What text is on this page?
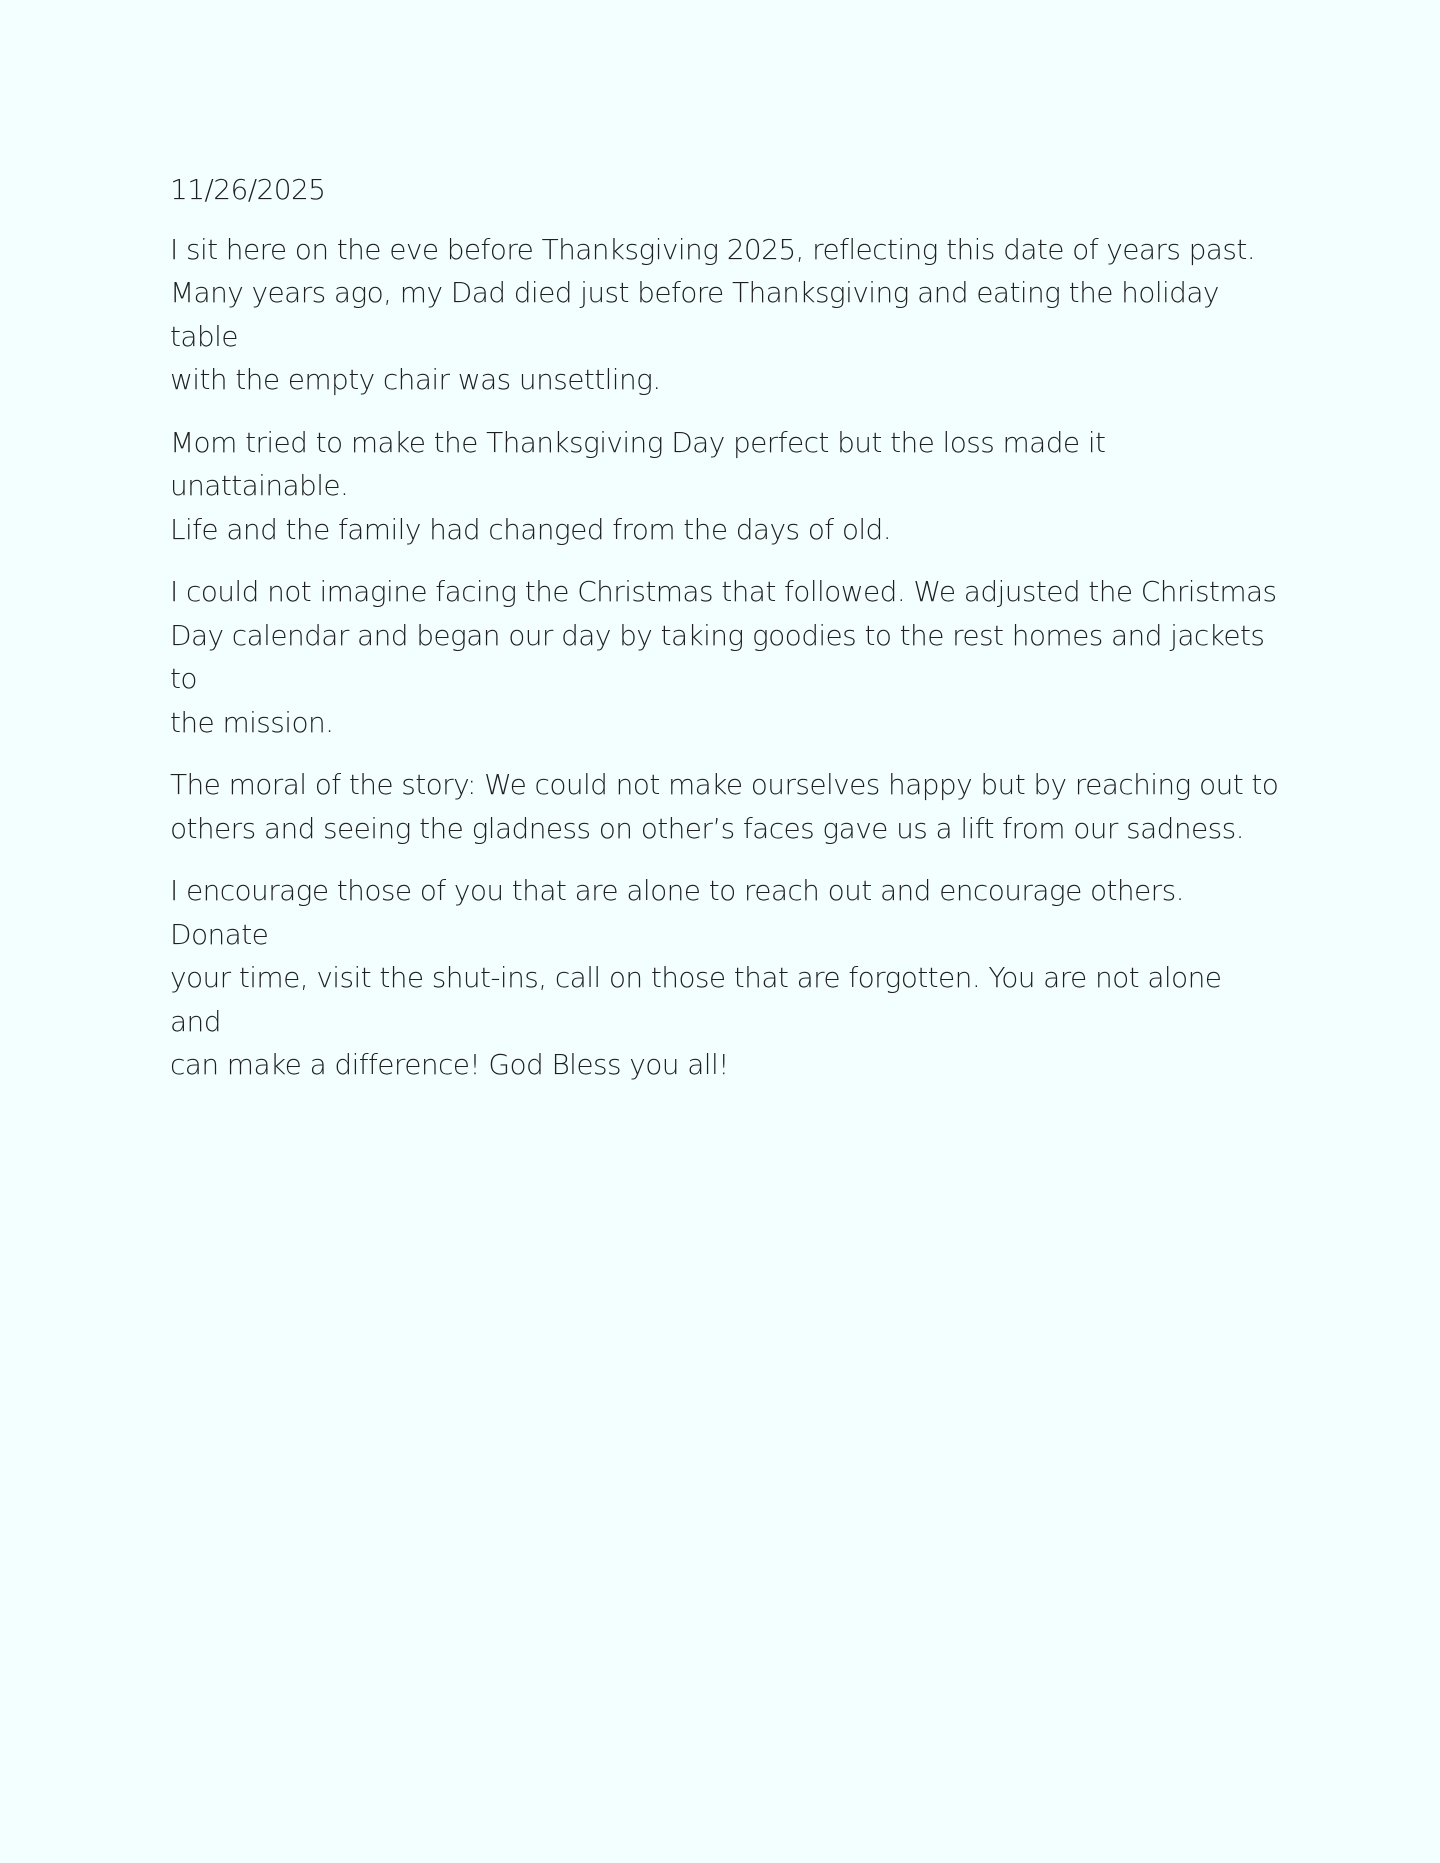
11/26/2025

I sit here on the eve before Thanksgiving 2025, reflecting this date of years past.
Many years ago, my Dad died just before Thanksgiving and eating the holiday table
with the empty chair was unsettling.

Mom tried to make the Thanksgiving Day perfect but the loss made it unattainable.
Life and the family had changed from the days of old.

I could not imagine facing the Christmas that followed. We adjusted the Christmas
Day calendar and began our day by taking goodies to the rest homes and jackets to
the mission.

The moral of the story: We could not make ourselves happy but by reaching out to
others and seeing the gladness on other’s faces gave us a lift from our sadness.

I encourage those of you that are alone to reach out and encourage others. Donate
your time, visit the shut-ins, call on those that are forgotten. You are not alone and
can make a difference! God Bless you all!
